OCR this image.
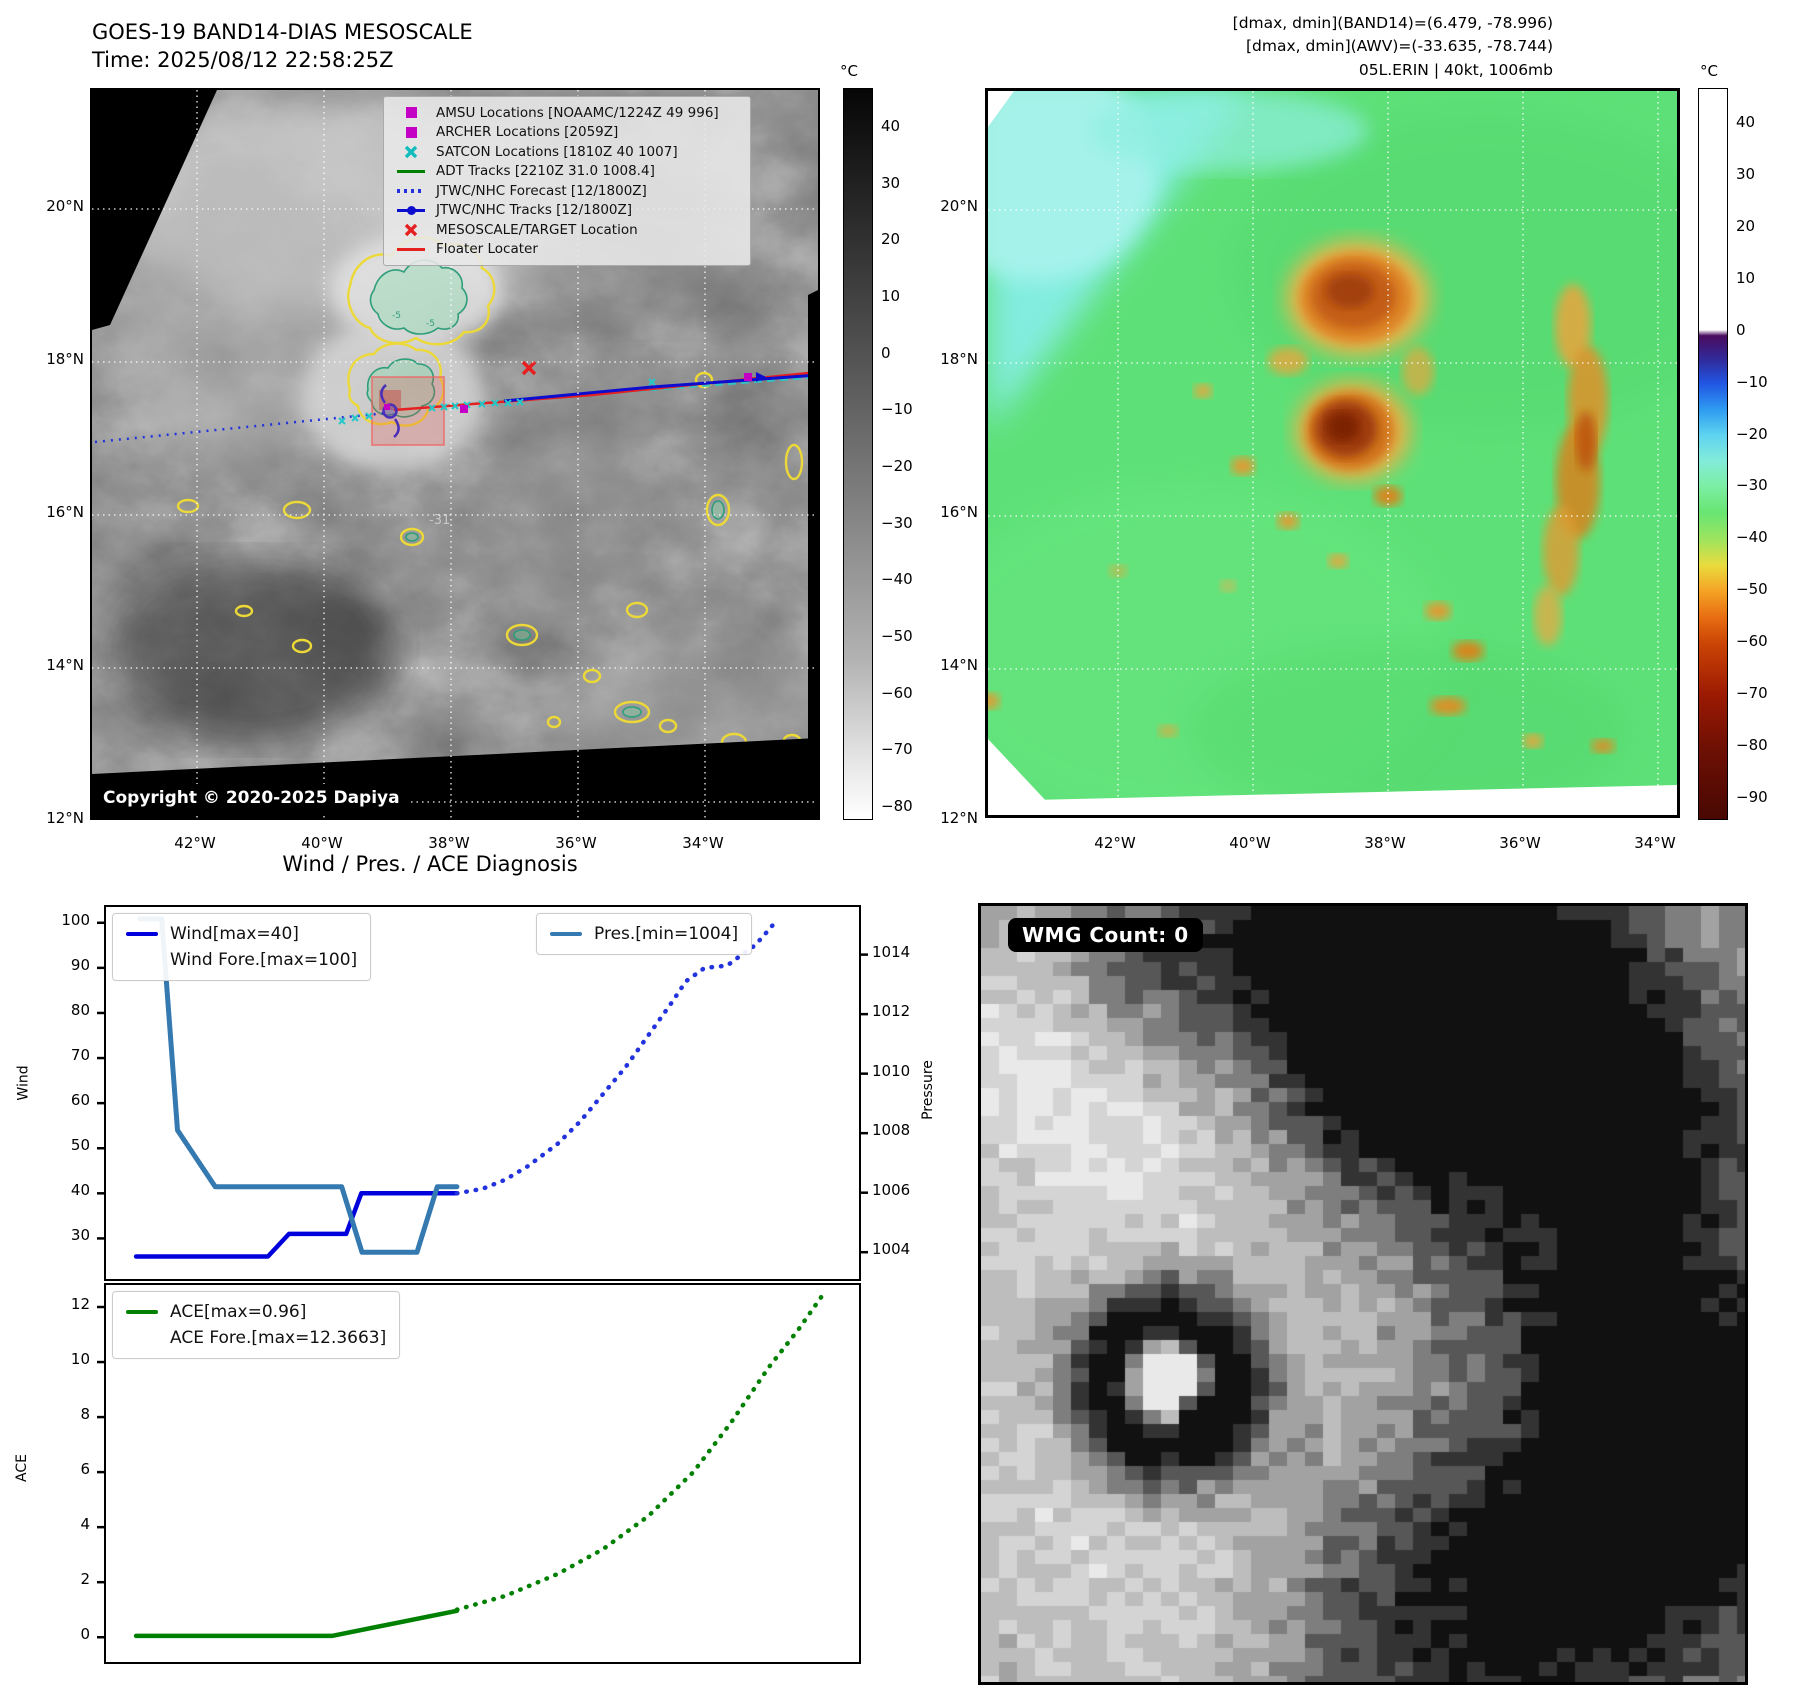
GOES-19 BAND14-DIAS MESOSCALE
Time: 2025/08/12 22:58:25Z
[dmax, dmin](BAND14)=(6.479, -78.996)
[dmax, dmin](AWV)=(-33.635, -78.744)
05L.ERIN | 40kt, 1006mb
-5
-5
-31
AMSU Locations [NOAAMC/1224Z 49 996]
ARCHER Locations [2059Z]
SATCON Locations [1810Z 40 1007]
ADT Tracks [2210Z 31.0 1008.4]
JTWC/NHC Forecast [12/1800Z]
JTWC/NHC Tracks [12/1800Z]
MESOSCALE/TARGET Location
Floater Locater
Copyright © 2020-2025 Dapiya
°C	°C
Wind / Pres. / ACE Diagnosis
Wind	Pressure
ACE
Wind[max=40]
Wind Fore.[max=100]
Pres.[min=1004]
ACE[max=0.96]
ACE Fore.[max=12.3663]
WMG Count: 0
20°N
18°N
16°N
14°N
12°N
42°W	40°W	38°W	36°W	34°W
20°N
18°N
16°N
14°N
12°N
42°W	40°W	38°W	36°W	34°W
40
30
20
10
0
−10
−20
−30
−40
−50
−60
−70
−80
40
30
20
10
0
−10
−20
−30
−40
−50
−60
−70
−80
−90
100
90
80
70
60
50
40
30
1014
1012
1010
1008
1006
1004
12
10
8
6
4
2
0
